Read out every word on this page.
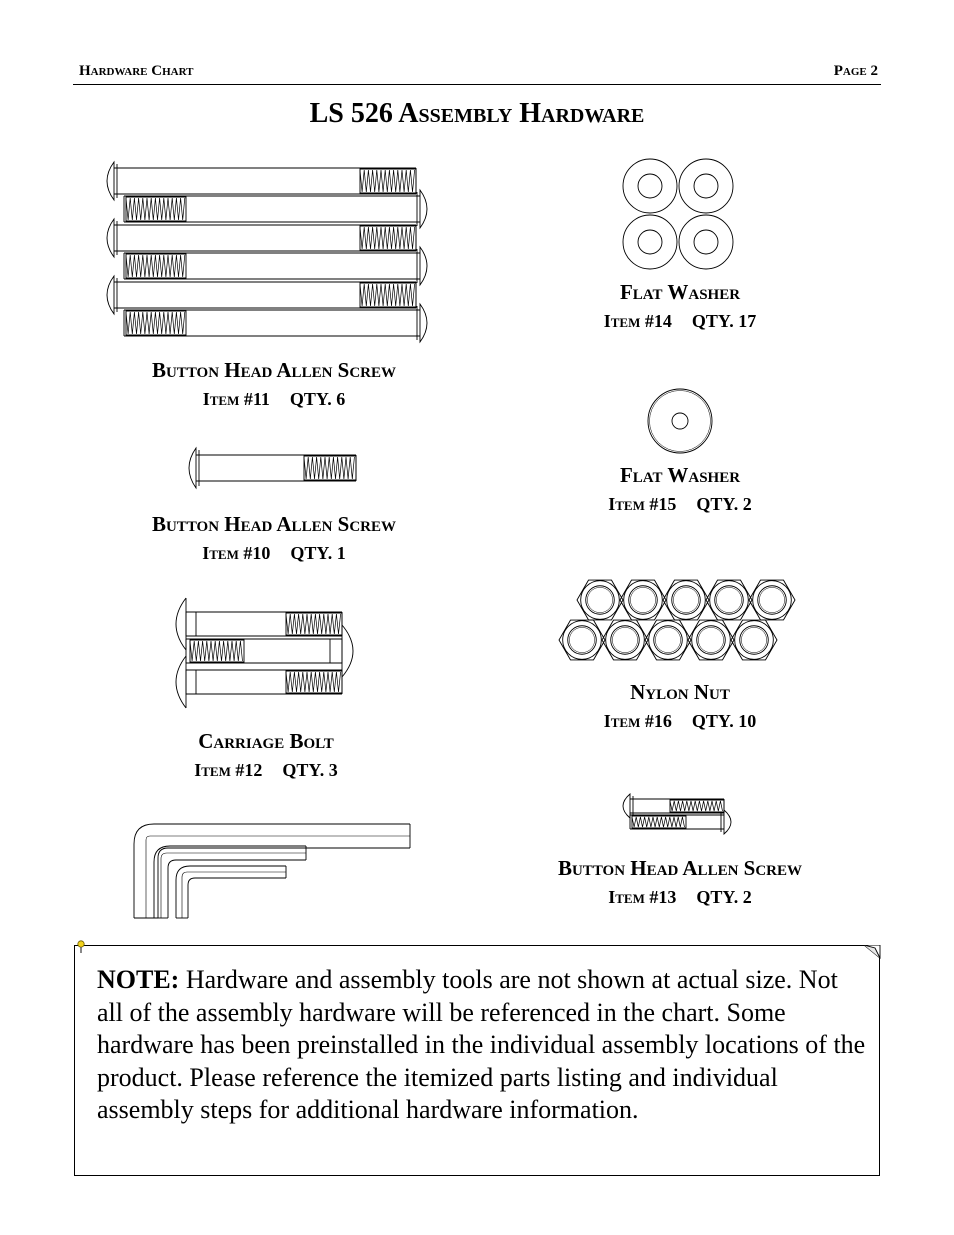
Hardware Chart	Page 2
LS 526 Assembly Hardware
Button Head Allen Screw
Item #11 QTY. 6
Button Head Allen Screw
Item #10 QTY. 1
Carriage Bolt
Item #12 QTY. 3
Flat Washer
Item #14 QTY. 17
Flat Washer
Item #15 QTY. 2
Nylon Nut
Item #16 QTY. 10
Button Head Allen Screw
Item #13 QTY. 2
NOTE: Hardware and assembly tools are not shown at actual size. Not all of the assembly hardware will be referenced in the chart. Some hardware has been preinstalled in the individual assembly locations of the product. Please reference the itemized parts listing and individual assembly steps for additional hardware information.
